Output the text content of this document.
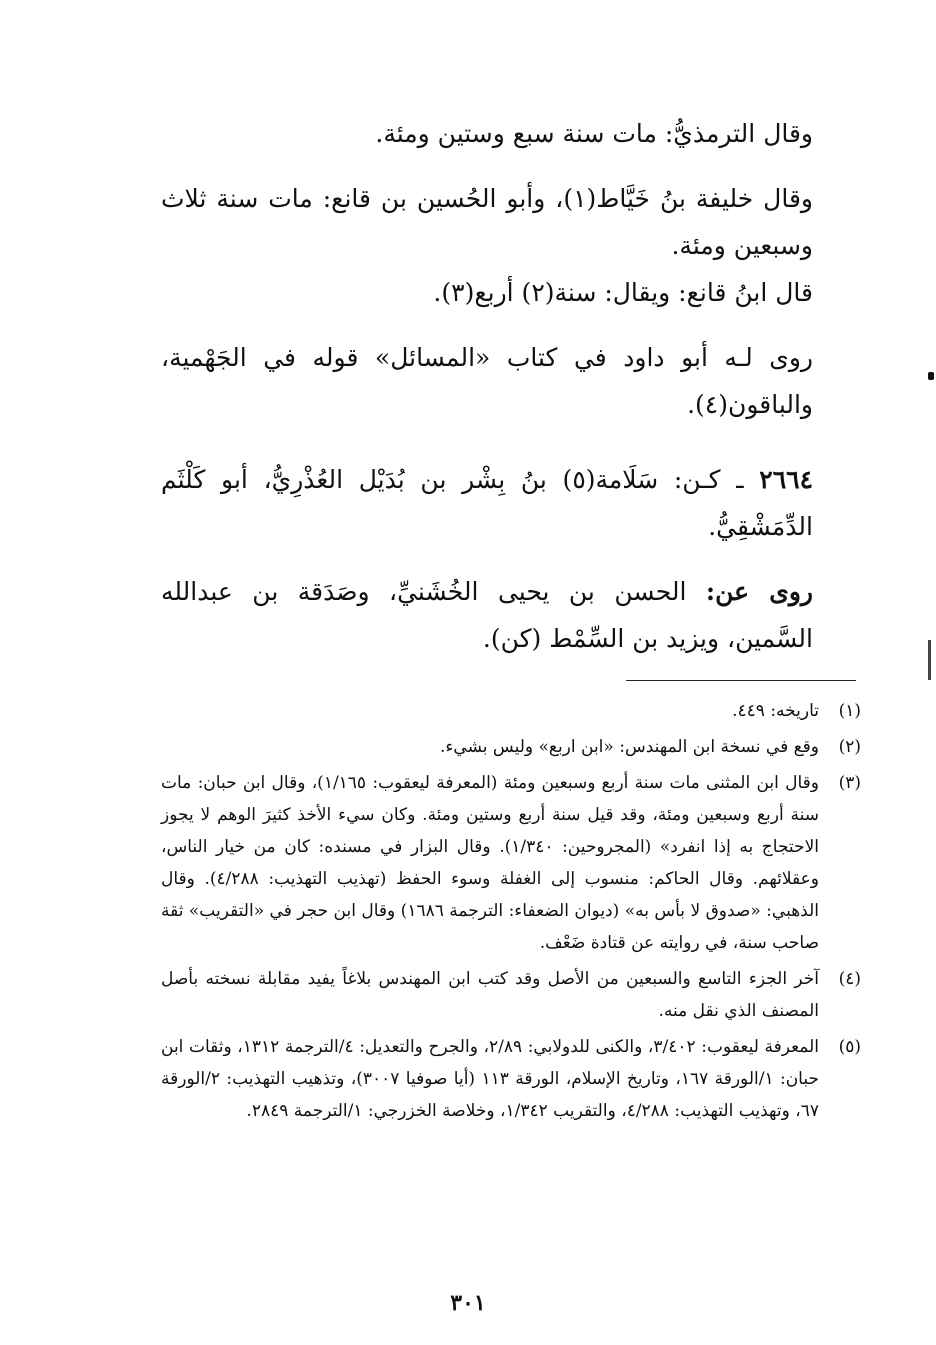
وقال الترمذيُّ: مات سنة سبع وستين ومئة.

وقال خليفة بنُ خَيَّاط(١)، وأبو الحُسين بن قانع: مات سنة ثلاث وسبعين ومئة.

قال ابنُ قانع: ويقال: سنة(٢) أربع(٣).

روى لـه أبو داود في كتاب «المسائل» قوله في الجَهْمية، والباقون(٤).

٢٦٦٤ ـ كـن: سَلَامة(٥) بنُ بِشْر بن بُدَيْل العُذْرِيُّ، أبو كَلْثَم الدِّمَشْقِيُّ.

روى عن: الحسن بن يحيى الخُشَنيِّ، وصَدَقة بن عبدالله السَّمين، ويزيد بن السِّمْط (كن).

(١)
تاريخه: ٤٤٩.
(٢)
وقع في نسخة ابن المهندس: «ابن اربع» وليس بشيء.
(٣)
وقال ابن المثنى مات سنة أربع وسبعين ومئة (المعرفة ليعقوب: ١/١٦٥)، وقال ابن حبان: مات سنة أربع وسبعين ومئة، وقد قيل سنة أربع وستين ومئة. وكان سيء الأخذ كثيرَ الوهم لا يجوز الاحتجاج به إذا انفرد» (المجروحين: ١/٣٤٠). وقال البزار في مسنده: كان من خيار الناس، وعقلائهم. وقال الحاكم: منسوب إلى الغفلة وسوء الحفظ (تهذيب التهذيب: ٤/٢٨٨). وقال الذهبي: «صدوق لا بأس به» (ديوان الضعفاء: الترجمة ١٦٨٦) وقال ابن حجر في «التقريب» ثقة صاحب سنة، في روايته عن قتادة ضَعْف.
(٤)
آخر الجزء التاسع والسبعين من الأصل وقد كتب ابن المهندس بلاغاً يفيد مقابلة نسخته بأصل المصنف الذي نقل منه.
(٥)
المعرفة ليعقوب: ٣/٤٠٢، والكنى للدولابي: ٢/٨٩، والجرح والتعديل: ٤/الترجمة ١٣١٢، وثقات ابن حبان: ١/الورقة ١٦٧، وتاريخ الإسلام، الورقة ١١٣ (أيا صوفيا ٣٠٠٧)، وتذهيب التهذيب: ٢/الورقة ٦٧، وتهذيب التهذيب: ٤/٢٨٨، والتقريب ١/٣٤٢، وخلاصة الخزرجي: ١/الترجمة ٢٨٤٩.
٣٠١
